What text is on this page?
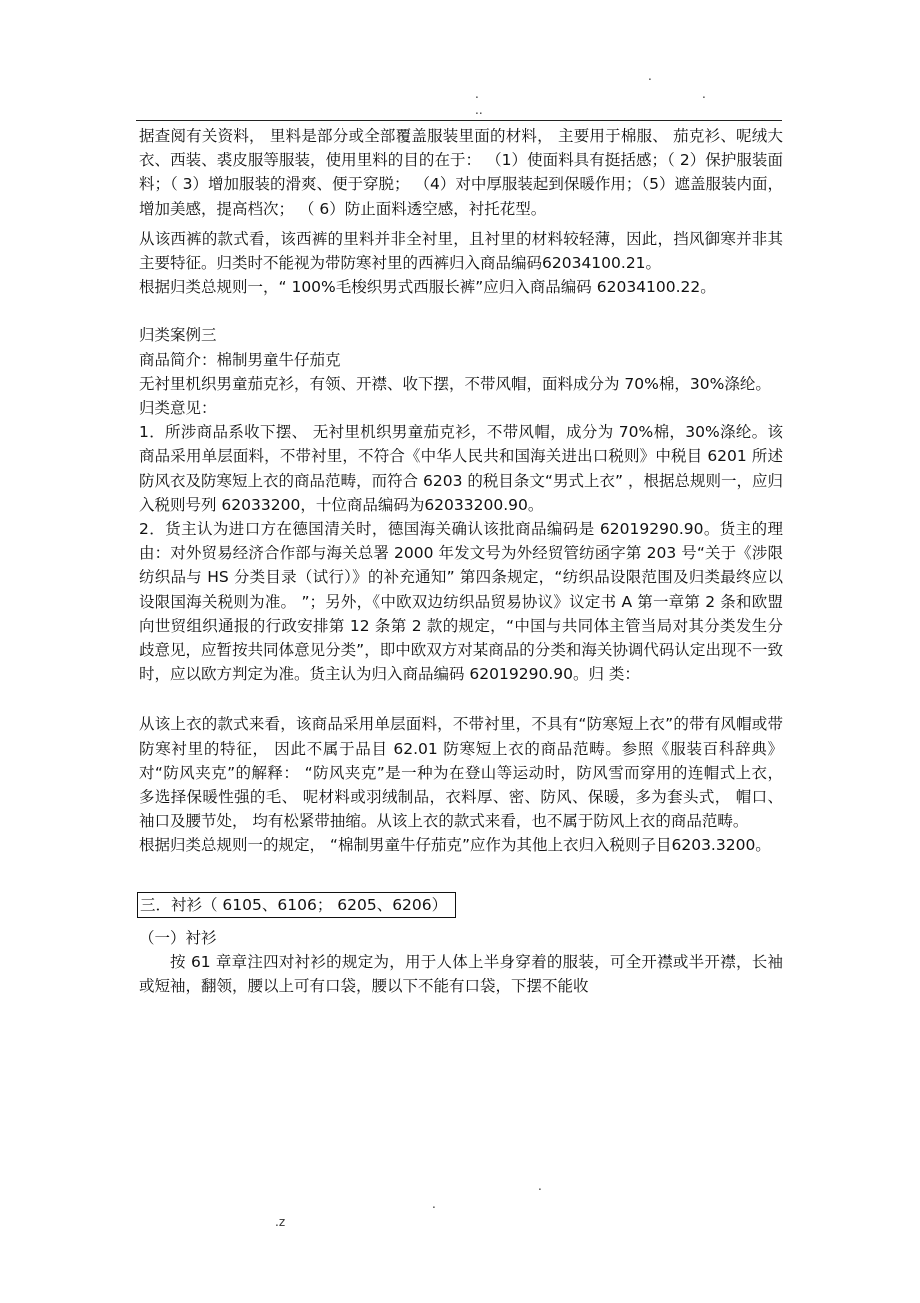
.
.
.
..

据查阅有关资料， 里料是部分或全部覆盖服装里面的材料， 主要用于棉服、 茄克衫、呢绒大衣、西装、裘皮服等服装，使用里料的目的在于： （1）使面料具有挺括感；（ 2）保护服装面料；（ 3）增加服装的滑爽、便于穿脱； （4）对中厚服装起到保暖作用；（5）遮盖服装内面，增加美感，提高档次； （ 6）防止面料透空感，衬托花型。

从该西裤的款式看，该西裤的里料并非全衬里，且衬里的材料较轻薄，因此，挡风御寒并非其主要特征。归类时不能视为带防寒衬里的西裤归入商品编码62034100.21。

根据归类总规则一，“ 100%毛梭织男式西服长裤”应归入商品编码 62034100.22。

归类案例三

商品简介：棉制男童牛仔茄克

无衬里机织男童茄克衫，有领、开襟、收下摆，不带风帽，面料成分为 70%棉，30%涤纶。

归类意见：

1．所涉商品系收下摆、 无衬里机织男童茄克衫，不带风帽，成分为 70%棉，30%涤纶。该商品采用单层面料，不带衬里，不符合《中华人民共和国海关进出口税则》中税目 6201 所述防风衣及防寒短上衣的商品范畴，而符合 6203 的税目条文“男式上衣” ，根据总规则一，应归入税则号列 62033200，十位商品编码为62033200.90。

2．货主认为进口方在德国清关时，德国海关确认该批商品编码是 62019290.90。货主的理由：对外贸易经济合作部与海关总署 2000 年发文号为外经贸管纺函字第 203 号“关于《涉限纺织品与 HS 分类目录（试行）》的补充通知” 第四条规定，“纺织品设限范围及归类最终应以设限国海关税则为准。 ”；另外，《中欧双边纺织品贸易协议》议定书 A 第一章第 2 条和欧盟向世贸组织通报的行政安排第 12 条第 2 款的规定，“中国与共同体主管当局对其分类发生分歧意见，应暂按共同体意见分类”，即中欧双方对某商品的分类和海关协调代码认定出现不一致时，应以欧方判定为准。货主认为归入商品编码 62019290.90。归 类：

从该上衣的款式来看，该商品采用单层面料，不带衬里，不具有“防寒短上衣”的带有风帽或带防寒衬里的特征， 因此不属于品目 62.01 防寒短上衣的商品范畴。参照《服装百科辞典》对“防风夹克”的解释： “防风夹克”是一种为在登山等运动时，防风雪而穿用的连帽式上衣， 多选择保暖性强的毛、 呢材料或羽绒制品，衣料厚、密、防风、保暖，多为套头式， 帽口、袖口及腰节处， 均有松紧带抽缩。从该上衣的款式来看，也不属于防风上衣的商品范畴。

根据归类总规则一的规定， “棉制男童牛仔茄克”应作为其他上衣归入税则子目6203.3200。

三．衬衫（ 6105、6106； 6205、6206）

（一）衬衫

按 61 章章注四对衬衫的规定为，用于人体上半身穿着的服装，可全开襟或半开襟，长袖或短袖，翻领，腰以上可有口袋，腰以下不能有口袋，下摆不能收

.
.
.z
